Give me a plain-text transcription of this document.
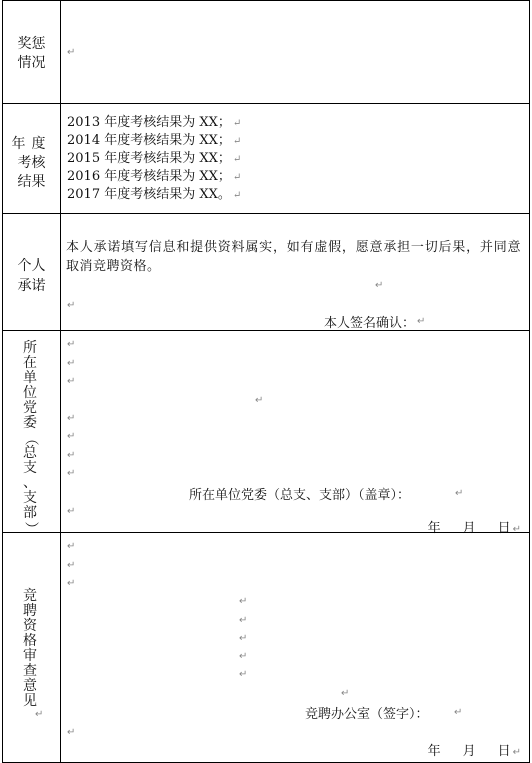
奖惩
情况
↵
年度
考核
结果
2013 年度考核结果为 XX； ↵
2014 年度考核结果为 XX； ↵
2015 年度考核结果为 XX； ↵
2016 年度考核结果为 XX； ↵
2017 年度考核结果为 XX。 ↵
个人
承诺
本人承诺填写信息和提供资料属实，如有虚假，愿意承担一切后果，并同意取消竞聘资格。
↵
↵
本人签名确认： ↵
所
在
单
位
党
委
（
总
支
、
支
部
）
↵
↵
↵
↵
↵
↵
↵
↵
所在单位党委（总支、支部）（盖章）：	↵
↵
年 月 日 ↵
竞
聘
资
格
审
查
意
见
↵
↵
↵
↵
↵
↵
↵
↵
↵
↵
竞聘办公室（签字）：	↵
↵
年 月 日 ↵
